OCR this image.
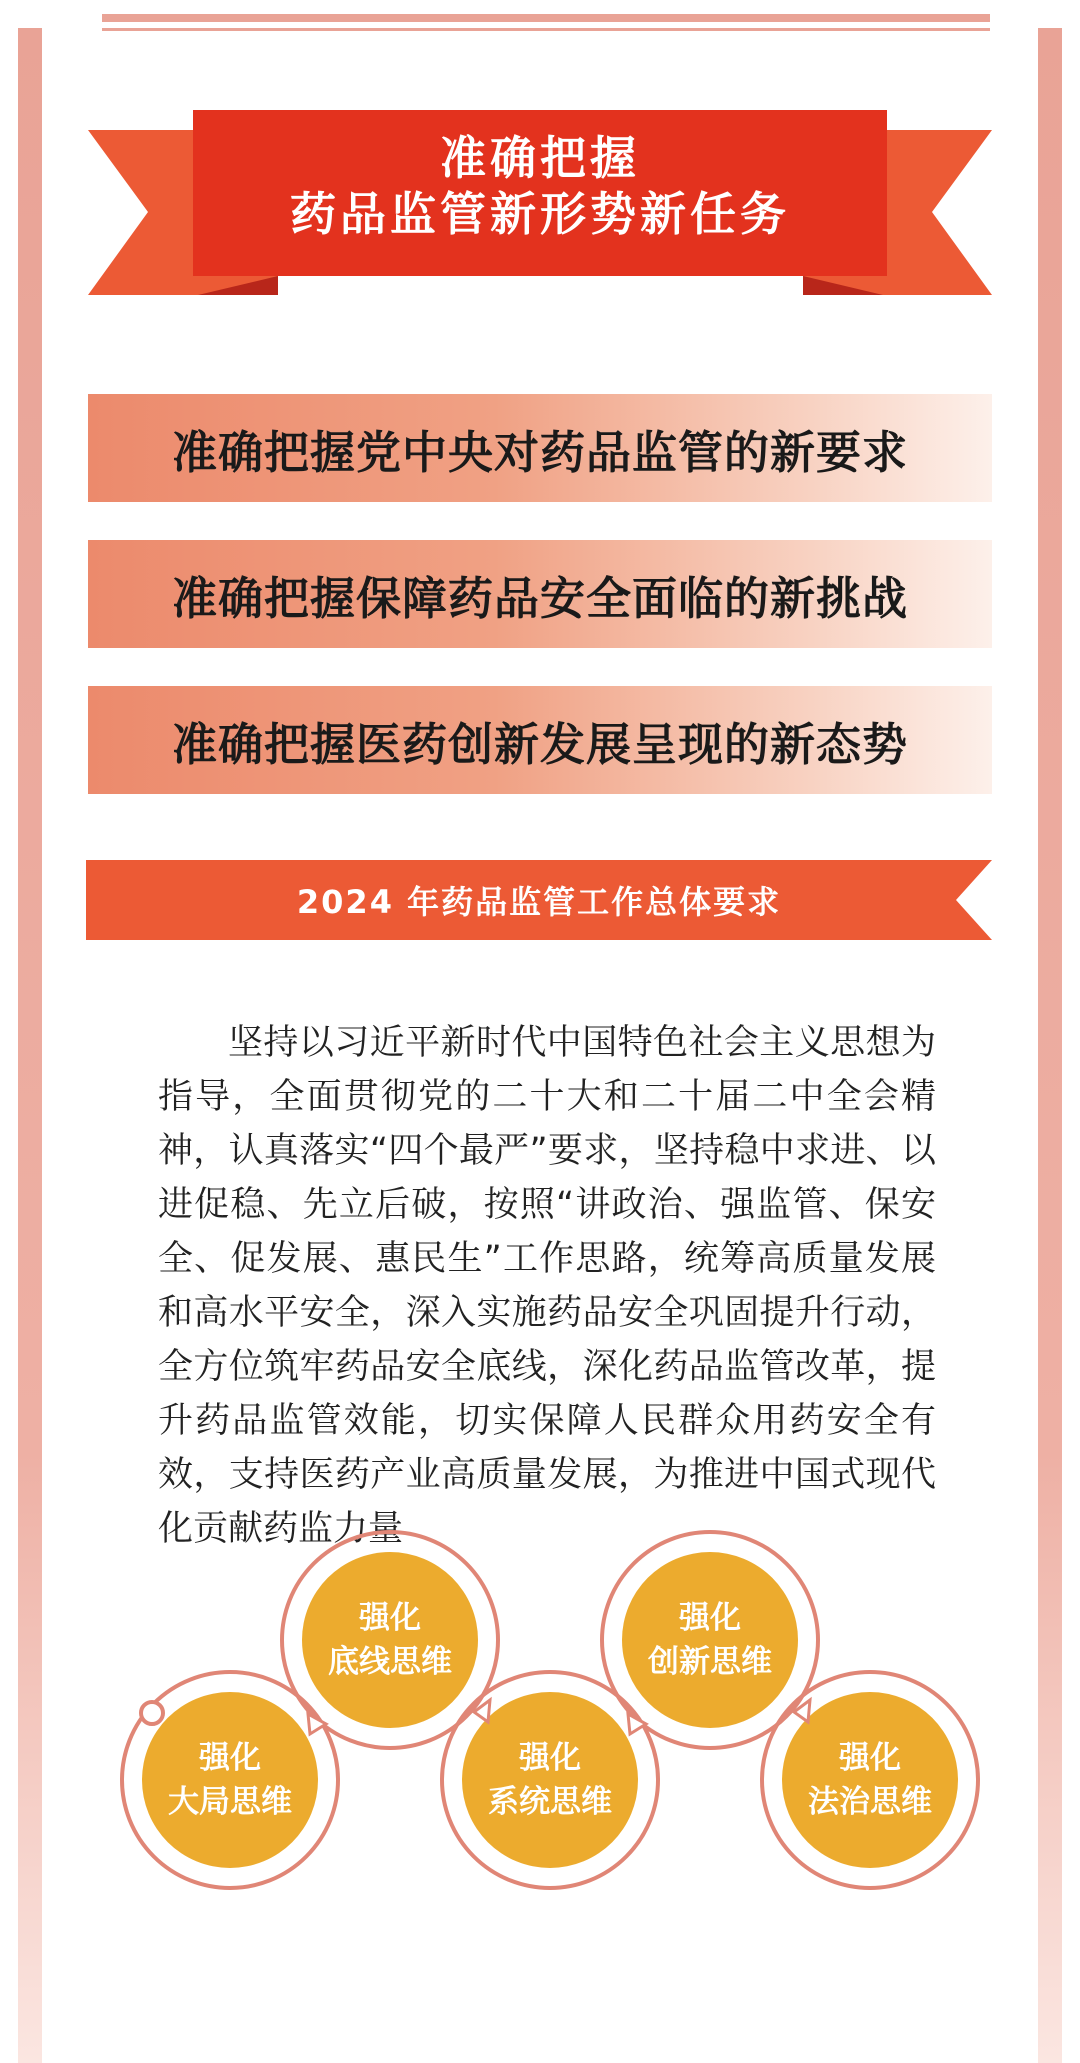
准确把握
药品监管新形势新任务
准确把握党中央对药品监管的新要求
准确把握保障药品安全面临的新挑战
准确把握医药创新发展呈现的新态势
2024 年药品监管工作总体要求

坚持以习近平新时代中国特色社会主义思想为指导，全面贯彻党的二十大和二十届二中全会精神，认真落实“四个最严”要求，坚持稳中求进、以进促稳、先立后破，按照“讲政治、强监管、保安全、促发展、惠民生”工作思路，统筹高质量发展和高水平安全，深入实施药品安全巩固提升行动，全方位筑牢药品安全底线，深化药品监管改革，提升药品监管效能，切实保障人民群众用药安全有效，支持医药产业高质量发展，为推进中国式现代化贡献药监力量

强化
大局思维
强化
底线思维
强化
系统思维
强化
创新思维
强化
法治思维
